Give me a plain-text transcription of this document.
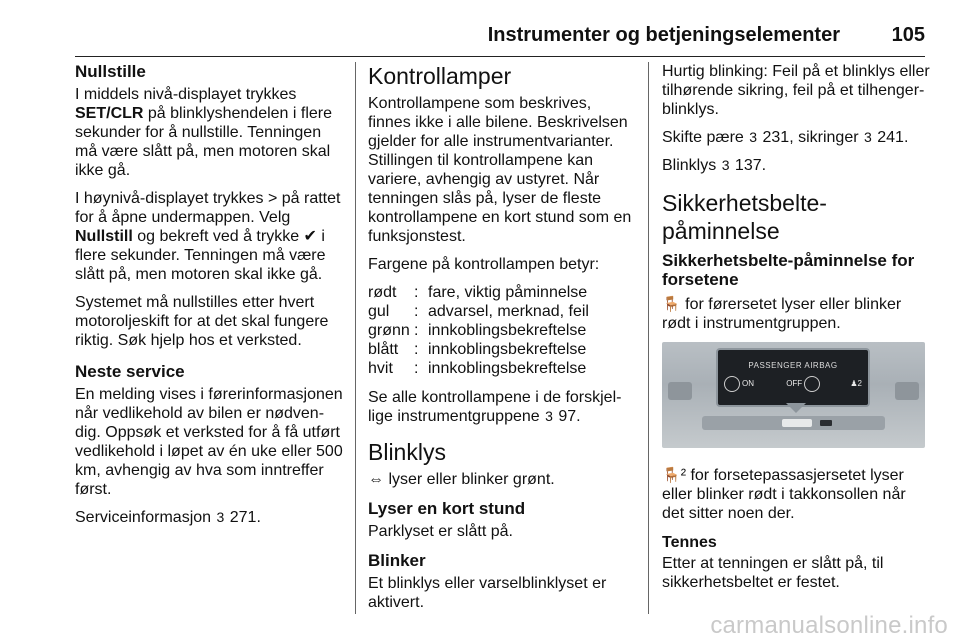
Instrumenter og betjeningselementer	105
Nullstille

I middels nivå-displayet trykkes
SET/CLR på blinklyshendelen i flere sekunder for å nullstille. Tenningen må være slått på, men motoren skal ikke gå.

I høynivå-displayet trykkes > på rattet for å åpne undermappen. Velg
Nullstill og bekreft ved å trykke ✔ i flere sekunder. Tenningen må være slått på, men motoren skal ikke gå.

Systemet må nullstilles etter hvert motoroljeskift for at det skal fungere riktig. Søk hjelp hos et verksted.

Neste service

En melding vises i førerinformasjonen når vedlikehold av bilen er nødven-dig. Oppsøk et verksted for å få utført vedlikehold i løpet av én uke eller 500 km, avhengig av hva som inntreffer først.

Serviceinformasjon 3 271.

Kontrollamper

Kontrollampene som beskrives, finnes ikke i alle bilene. Beskrivelsen gjelder for alle instrumentvarianter. Stillingen til kontrollampene kan variere, avhengig av ustyret. Når tenningen slås på, lyser de fleste kontrollampene en kort stund som en funksjonstest.

Fargene på kontrollampen betyr:

rødt	:	fare, viktig påminnelse
gul	:	advarsel, merknad, feil
grønn	:	innkoblingsbekreftelse
blått	:	innkoblingsbekreftelse
hvit	:	innkoblingsbekreftelse

Se alle kontrollampene i de forskjel-lige instrumentgruppene 3 97.

Blinklys

⇔ lyser eller blinker grønt.

Lyser en kort stund

Parklyset er slått på.

Blinker

Et blinklys eller varselblinklyset er aktivert.

Hurtig blinking: Feil på et blinklys eller tilhørende sikring, feil på et tilhenger-blinklys.

Skifte pære 3 231, sikringer 3 241.

Blinklys 3 137.

Sikkerhetsbelte-påminnelse
Sikkerhetsbelte-påminnelse for forsetene

🪑 for førersetet lyser eller blinker rødt i instrumentgruppen.

PASSENGER AIRBAG
ON	OFF	♟2

🪑² for forsetepassasjersetet lyser eller blinker rødt i takkonsollen når det sitter noen der.

Tennes

Etter at tenningen er slått på, til sikkerhetsbeltet er festet.

carmanualsonline.info
